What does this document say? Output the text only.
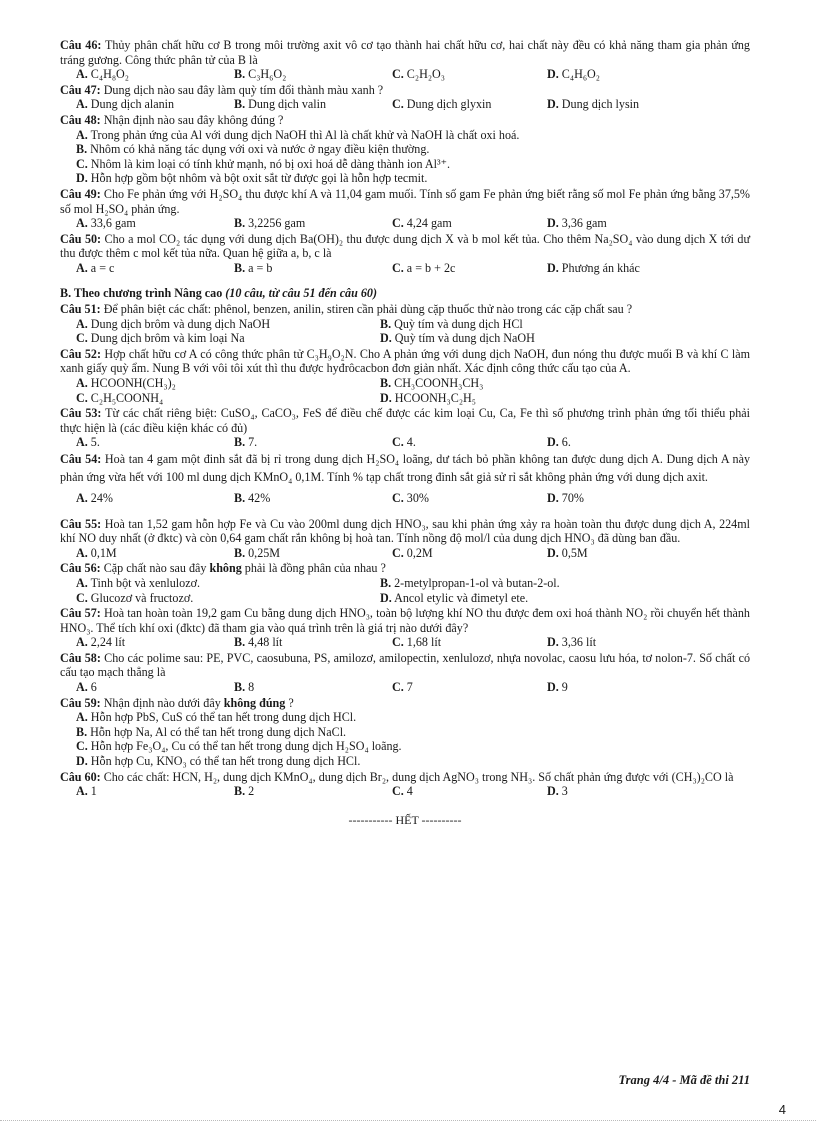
Câu 46: Thủy phân chất hữu cơ B trong môi trường axit vô cơ tạo thành hai chất hữu cơ, hai chất này đều có khả năng tham gia phản ứng tráng gương. Công thức phân tử của B là
A. C₄H₈O₂	B. C₃H₆O₂	C. C₂H₂O₃	D. C₄H₆O₂
Câu 47: Dung dịch nào sau đây làm quỳ tím đổi thành màu xanh ?
A. Dung dịch alanin	B. Dung dịch valin	C. Dung dịch glyxin	D. Dung dịch lysin
Câu 48: Nhận định nào sau đây không đúng ?
A. Trong phản ứng của Al với dung dịch NaOH thì Al là chất khử và NaOH là chất oxi hoá.
B. Nhôm có khả năng tác dụng với oxi và nước ở ngay điều kiện thường.
C. Nhôm là kim loại có tính khử mạnh, nó bị oxi hoá dễ dàng thành ion Al³⁺.
D. Hỗn hợp gồm bột nhôm và bột oxit sắt từ được gọi là hỗn hợp tecmit.
Câu 49: Cho Fe phản ứng với H₂SO₄ thu được khí A và 11,04 gam muối. Tính số gam Fe phản ứng biết rằng số mol Fe phản ứng bằng 37,5% số mol H₂SO₄ phản ứng.
A. 33,6 gam	B. 3,2256 gam	C. 4,24 gam	D. 3,36 gam
Câu 50: Cho a mol CO₂ tác dụng với dung dịch Ba(OH)₂ thu được dung dịch X và b mol kết tủa. Cho thêm Na₂SO₄ vào dung dịch X tới dư thu được thêm c mol kết tủa nữa. Quan hệ giữa a, b, c là
A. a = c	B. a = b	C. a = b + 2c	D. Phương án khác
B. Theo chương trình Nâng cao (10 câu, từ câu 51 đến câu 60)
Câu 51: Để phân biệt các chất: phênol, benzen, anilin, stiren cần phải dùng cặp thuốc thử nào trong các cặp chất sau ?
A. Dung dịch brôm và dung dịch NaOH	B. Quỳ tím và dung dịch HCl
C. Dung dịch brôm và kim loại Na	D. Quỳ tím và dung dịch NaOH
Câu 52: Hợp chất hữu cơ A có công thức phân tử C₃H₉O₂N. Cho A phản ứng với dung dịch NaOH, đun nóng thu được muối B và khí C làm xanh giấy quỳ ẩm. Nung B với vôi tôi xút thì thu được hyđrôcacbon đơn giản nhất. Xác định công thức cấu tạo của A.
A. HCOONH(CH₃)₂	B. CH₃COONH₃CH₃
C. C₂H₅COONH₄	D. HCOONH₃C₂H₅
Câu 53: Từ các chất riêng biệt: CuSO₄, CaCO₃, FeS để điều chế được các kim loại Cu, Ca, Fe thì số phương trình phản ứng tối thiểu phải thực hiện là (các điều kiện khác có đủ)
A. 5.	B. 7.	C. 4.	D. 6.
Câu 54: Hoà tan 4 gam một đinh sắt đã bị rỉ trong dung dịch H₂SO₄ loãng, dư tách bỏ phần không tan được dung dịch A. Dung dịch A này phản ứng vừa hết với 100 ml dung dịch KMnO₄ 0,1M. Tính % tạp chất trong đinh sắt giả sử rỉ sắt không phản ứng với dung dịch axit.
A. 24%	B. 42%	C. 30%	D. 70%
Câu 55: Hoà tan 1,52 gam hỗn hợp Fe và Cu vào 200ml dung dịch HNO₃, sau khi phản ứng xảy ra hoàn toàn thu được dung dịch A, 224ml khí NO duy nhất (ở đktc) và còn 0,64 gam chất rắn không bị hoà tan. Tính nồng độ mol/l của dung dịch HNO₃ đã dùng ban đầu.
A. 0,1M	B. 0,25M	C. 0,2M	D. 0,5M
Câu 56: Cặp chất nào sau đây không phải là đồng phân của nhau ?
A. Tinh bột và xenlulozơ.	B. 2-metylpropan-1-ol và butan-2-ol.
C. Glucozơ và fructozơ.	D. Ancol etylic và đimetyl ete.
Câu 57: Hoà tan hoàn toàn 19,2 gam Cu bằng dung dịch HNO₃, toàn bộ lượng khí NO thu được đem oxi hoá thành NO₂ rồi chuyển hết thành HNO₃. Thể tích khí oxi (đktc) đã tham gia vào quá trình trên là giá trị nào dưới đây?
A. 2,24 lít	B. 4,48 lít	C. 1,68 lít	D. 3,36 lít
Câu 58: Cho các polime sau: PE, PVC, caosubuna, PS, amilozơ, amilopectin, xenlulozơ, nhựa novolac, caosu lưu hóa, tơ nolon-7. Số chất có cấu tạo mạch thẳng là
A. 6	B. 8	C. 7	D. 9
Câu 59: Nhận định nào dưới đây không đúng ?
A. Hỗn hợp PbS, CuS có thể tan hết trong dung dịch HCl.
B. Hỗn hợp Na, Al có thể tan hết trong dung dịch NaCl.
C. Hỗn hợp Fe₃O₄, Cu có thể tan hết trong dung dịch H₂SO₄ loãng.
D. Hỗn hợp Cu, KNO₃ có thể tan hết trong dung dịch HCl.
Câu 60: Cho các chất: HCN, H₂, dung dịch KMnO₄, dung dịch Br₂, dung dịch AgNO₃ trong NH₃. Số chất phản ứng được với (CH₃)₂CO là
A. 1	B. 2	C. 4	D. 3
----------- HẾT ----------
Trang 4/4 - Mã đề thi 211
4
